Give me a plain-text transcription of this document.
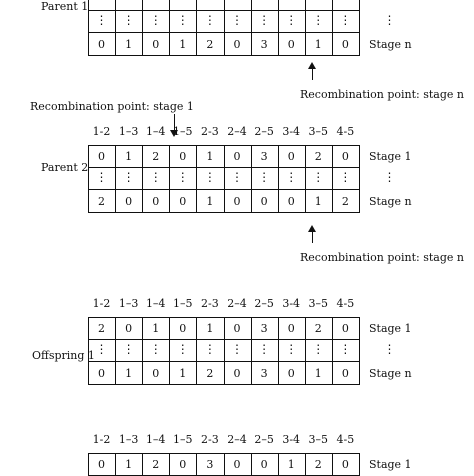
Parent 1
Recombination point: stage n
Recombination point: stage 1
Parent 2
Recombination point: stage n
Offspring 1
⋮	⋮	⋮	⋮	⋮	⋮	⋮	⋮	⋮	⋮	⋮
0	1	0	1	2	0	3	0	1	0	Stage n
1-2 1–3 1–4 1–5 2-3 2–4 2–5 3-4 3–5 4-5
0	1	2	0	1	0	3	0	2	0	Stage 1
⋮	⋮	⋮	⋮	⋮	⋮	⋮	⋮	⋮	⋮	⋮
2	0	0	0	1	0	0	0	1	2	Stage n
1-2 1–3 1–4 1–5 2-3 2–4 2–5 3-4 3–5 4-5
2	0	1	0	1	0	3	0	2	0	Stage 1
⋮	⋮	⋮	⋮	⋮	⋮	⋮	⋮	⋮	⋮	⋮
0	1	0	1	2	0	3	0	1	0	Stage n
1-2 1–3 1–4 1–5 2-3 2–4 2–5 3-4 3–5 4-5
0	1	2	0	3	0	0	1	2	0	Stage 1
